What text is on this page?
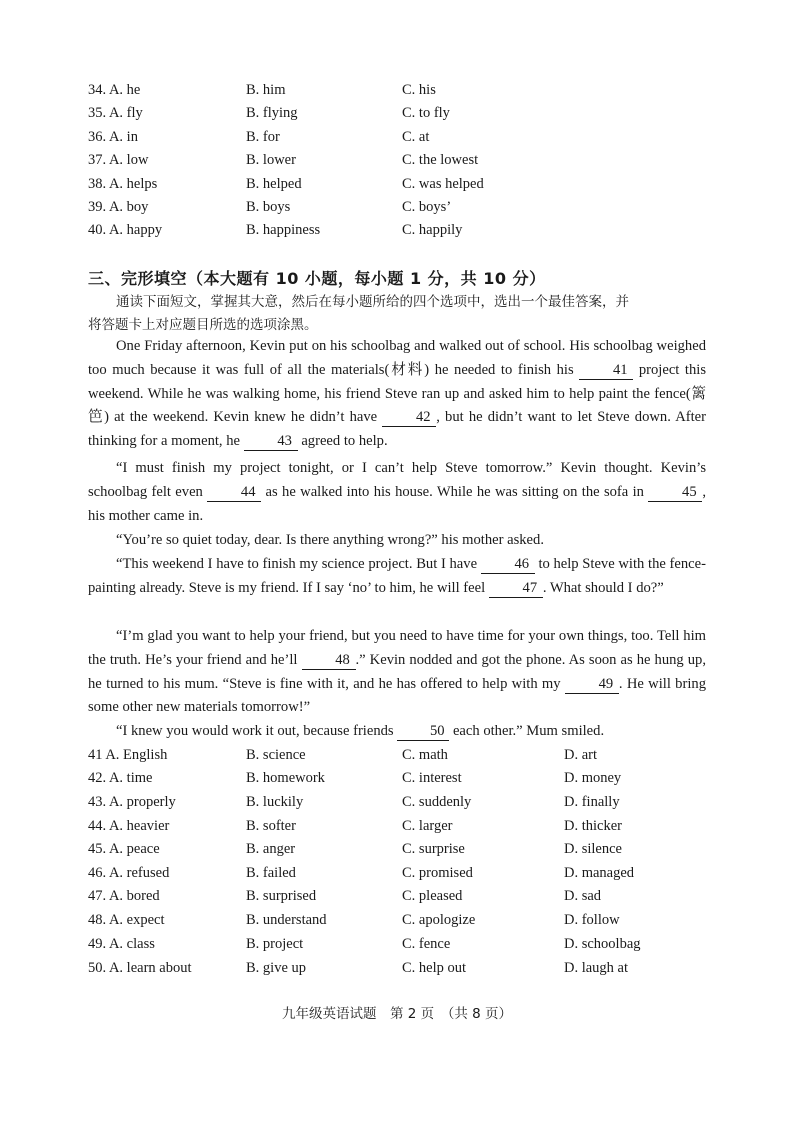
34. A. he	B. him	C. his
35. A. fly	B. flying	C. to fly
36. A. in	B. for	C. at
37. A. low	B. lower	C. the lowest
38. A. helps	B. helped	C. was helped
39. A. boy	B. boys	C. boys’
40. A. happy	B. happiness	C. happily
三、完形填空（本大题有 10 小题，每小题 1 分，共 10 分）
通读下面短文，掌握其大意，然后在每小题所给的四个选项中，选出一个最佳答案，并
将答题卡上对应题目所选的选项涂黑。
One Friday afternoon, Kevin put on his schoolbag and walked out of school. His schoolbag weighed too much because it was full of all the materials(材料) he needed to finish his	41 project this weekend. While he was walking home, his friend Steve ran up and asked him to help paint the fence(篱笆) at the weekend. Kevin knew he didn’t have	42 , but he didn’t want to let Steve down. After thinking for a moment, he	43 agreed to help.
“I must finish my project tonight, or I can’t help Steve tomorrow.” Kevin thought. Kevin’s schoolbag felt even	44 as he walked into his house. While he was sitting on the sofa in	45 , his mother came in.
“You’re so quiet today, dear. Is there anything wrong?” his mother asked.
“This weekend I have to finish my science project. But I have	46 to help Steve with the fence-painting already. Steve is my friend. If I say ‘no’ to him, he will feel	47 . What should I do?”
“I’m glad you want to help your friend, but you need to have time for your own things, too. Tell him the truth. He’s your friend and he’ll	48 .” Kevin nodded and got the phone. As soon as he hung up, he turned to his mum. “Steve is fine with it, and he has offered to help with my	49 . He will bring some other new materials tomorrow!”
“I knew you would work it out, because friends 50 each other.” Mum smiled.
41 A. English	B. science	C. math	D. art
42. A. time	B. homework	C. interest	D. money
43. A. properly	B. luckily	C. suddenly	D. finally
44. A. heavier	B. softer	C. larger	D. thicker
45. A. peace	B. anger	C. surprise	D. silence
46. A. refused	B. failed	C. promised	D. managed
47. A. bored	B. surprised	C. pleased	D. sad
48. A. expect	B. understand	C. apologize	D. follow
49. A. class	B. project	C. fence	D. schoolbag
50. A. learn about	B. give up	C. help out	D. laugh at
九年级英语试题　第 2 页　（共 8 页）
